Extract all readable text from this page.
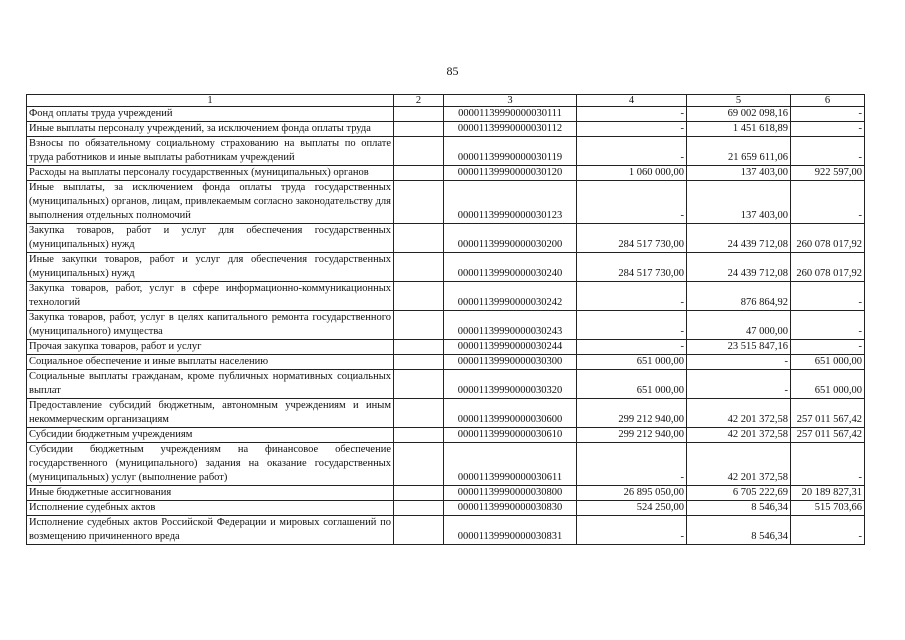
85
1	2	3	4	5	6
Фонд оплаты труда учреждений		00001139990000030111	-	69 002 098,16	-
Иные выплаты персоналу учреждений, за исключением фонда оплаты труда		00001139990000030112	-	1 451 618,89	-
Взносы по обязательному социальному страхованию на выплаты по оплате труда работников и иные выплаты работникам учреждений		00001139990000030119	-	21 659 611,06	-
Расходы на выплаты персоналу государственных (муниципальных) органов		00001139990000030120	1 060 000,00	137 403,00	922 597,00
Иные выплаты, за исключением фонда оплаты труда государственных (муниципальных) органов, лицам, привлекаемым согласно законодательству для выполнения отдельных полномочий		00001139990000030123	-	137 403,00	-
Закупка товаров, работ и услуг для обеспечения государственных (муниципальных) нужд		00001139990000030200	284 517 730,00	24 439 712,08	260 078 017,92
Иные закупки товаров, работ и услуг для обеспечения государственных (муниципальных) нужд		00001139990000030240	284 517 730,00	24 439 712,08	260 078 017,92
Закупка товаров, работ, услуг в сфере информационно-коммуникационных технологий		00001139990000030242	-	876 864,92	-
Закупка товаров, работ, услуг в целях капитального ремонта государственного (муниципального) имущества		00001139990000030243	-	47 000,00	-
Прочая закупка товаров, работ и услуг		00001139990000030244	-	23 515 847,16	-
Социальное обеспечение и иные выплаты населению		00001139990000030300	651 000,00	-	651 000,00
Социальные выплаты гражданам, кроме публичных нормативных социальных выплат		00001139990000030320	651 000,00	-	651 000,00
Предоставление субсидий бюджетным, автономным учреждениям и иным некоммерческим организациям		00001139990000030600	299 212 940,00	42 201 372,58	257 011 567,42
Субсидии бюджетным учреждениям		00001139990000030610	299 212 940,00	42 201 372,58	257 011 567,42
Субсидии бюджетным учреждениям на финансовое обеспечение государственного (муниципального) задания на оказание государственных (муниципальных) услуг (выполнение работ)		00001139990000030611	-	42 201 372,58	-
Иные бюджетные ассигнования		00001139990000030800	26 895 050,00	6 705 222,69	20 189 827,31
Исполнение судебных актов		00001139990000030830	524 250,00	8 546,34	515 703,66
Исполнение судебных актов Российской Федерации и мировых соглашений по возмещению причиненного вреда		00001139990000030831	-	8 546,34	-
